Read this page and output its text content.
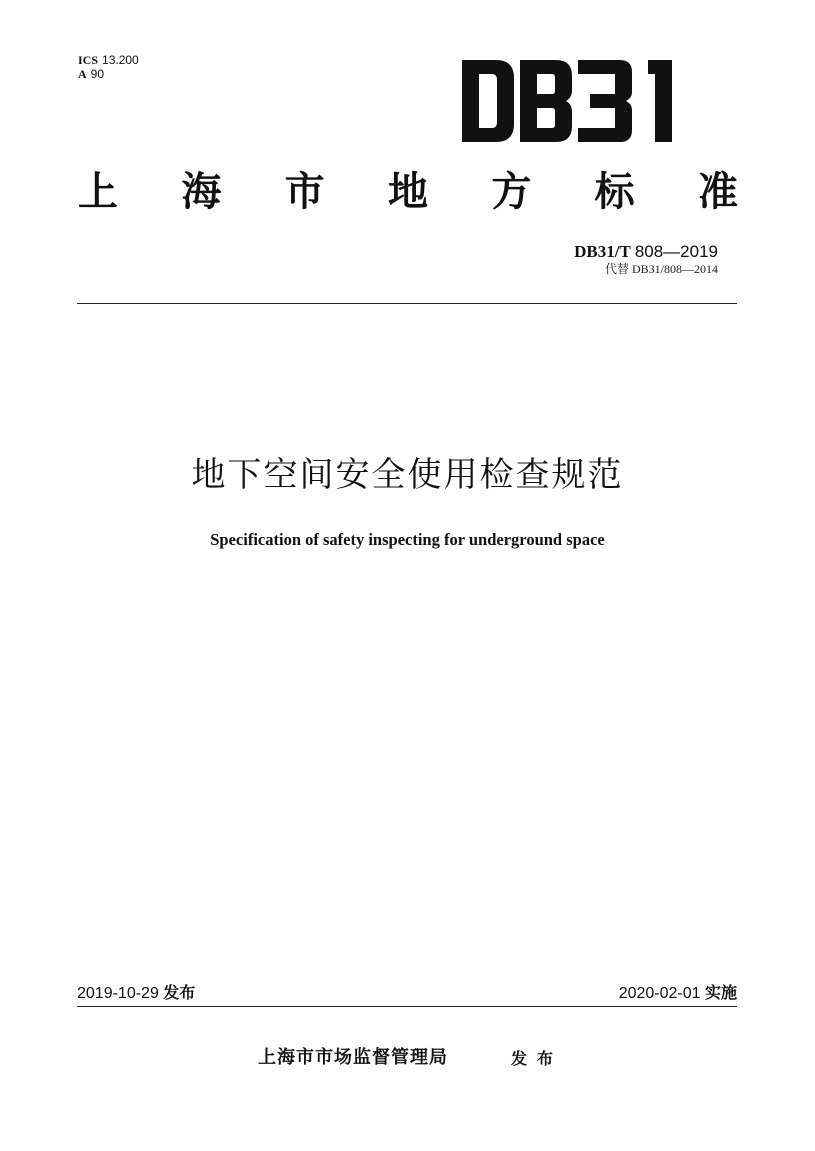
ICS 13.200
A 90
上 海 市 地 方 标 准
DB31/T 808—2019
代替 DB31/808—2014
地下空间安全使用检查规范
Specification of safety inspecting for underground space
2019-10-29 发布	2020-02-01 实施
上海市市场监督管理局	发布
